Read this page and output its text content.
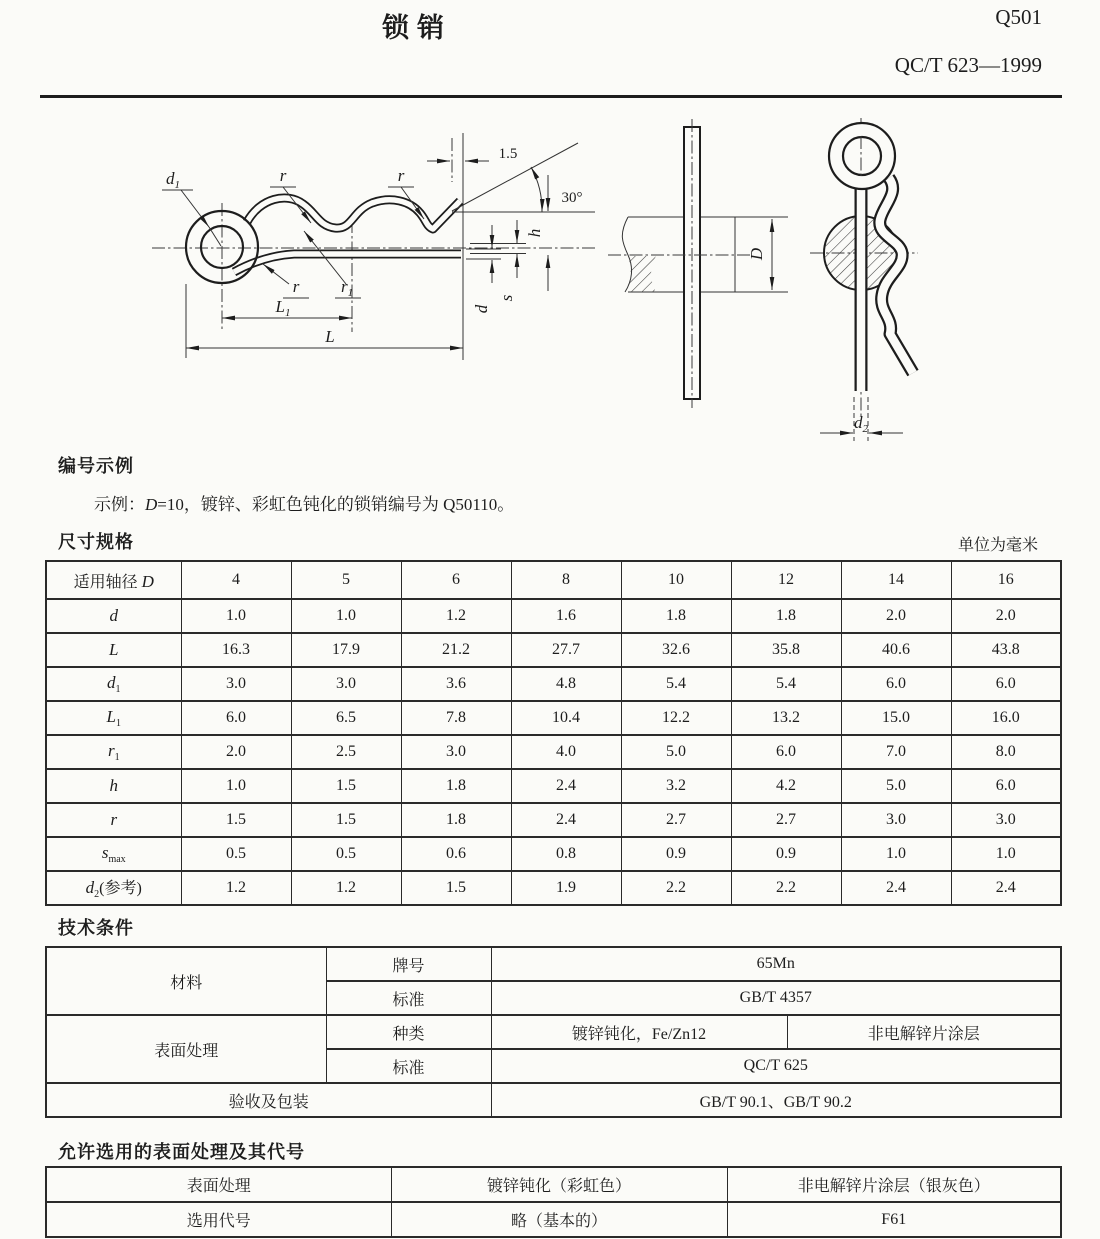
锁销	Q501
QC/T 623—1999
30°
1.5
h
s
d
$d_1$	r	r
r $r_1$
$L_1$
L
D
$d_2$
编号示例
示例：D=10，镀锌、彩虹色钝化的锁销编号为 Q50110。
尺寸规格	单位为毫米
适用轴径 D	4	5	6	8	10	12	14	16
d	1.0	1.0	1.2	1.6	1.8	1.8	2.0	2.0
L	16.3	17.9	21.2	27.7	32.6	35.8	40.6	43.8
$d_1$	3.0	3.0	3.6	4.8	5.4	5.4	6.0	6.0
$L_1$	6.0	6.5	7.8	10.4	12.2	13.2	15.0	16.0
$r_1$	2.0	2.5	3.0	4.0	5.0	6.0	7.0	8.0
h	1.0	1.5	1.8	2.4	3.2	4.2	5.0	6.0
r	1.5	1.5	1.8	2.4	2.7	2.7	3.0	3.0
$s_{max}$	0.5	0.5	0.6	0.8	0.9	0.9	1.0	1.0
$d_2$(参考)	1.2	1.2	1.5	1.9	2.2	2.2	2.4	2.4
技术条件
材料	牌号	65Mn	
	标准	GB/T 4357	
表面处理	种类	镀锌钝化，Fe/Zn12	非电解锌片涂层
	标准	QC/T 625	
验收及包装		GB/T 90.1、GB/T 90.2	
允许选用的表面处理及其代号
表面处理	镀锌钝化（彩虹色）	非电解锌片涂层（银灰色）
选用代号	略（基本的）	F61
